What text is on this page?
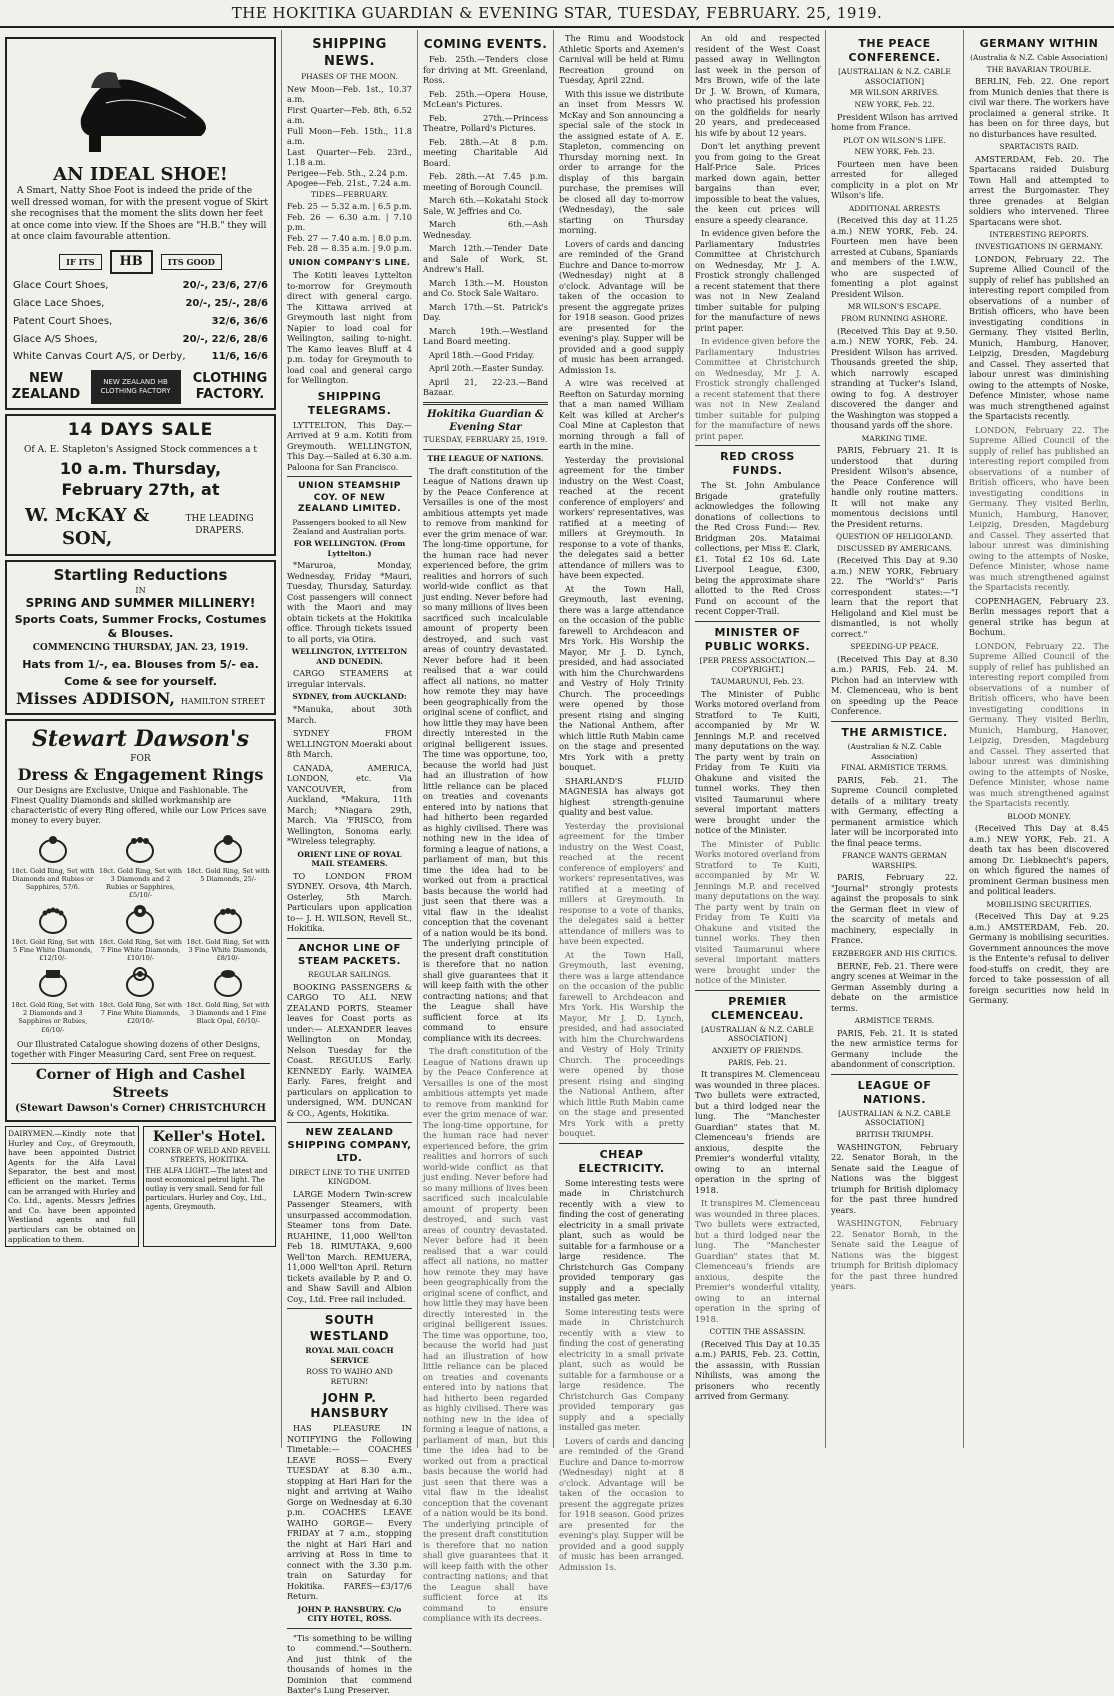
THE HOKITIKA GUARDIAN & EVENING STAR, TUESDAY, FEBRUARY. 25, 1919.
AN IDEAL SHOE!

A Smart, Natty Shoe Foot is indeed the pride of the well dressed woman, for with the present vogue of Skirt she recognises that the moment the slits down her feet at once come into view. If the Shoes are "H.B." they will at once claim favourable attention.

IF ITS	HB	ITS GOOD
Glace Court Shoes,	20/-, 23/6, 27/6
Glace Lace Shoes,	20/-, 25/-, 28/6
Patent Court Shoes,	32/6, 36/6
Glace A/S Shoes,	20/-, 22/6, 28/6
White Canvas Court A/S, or Derby,	11/6, 16/6
NEW ZEALAND
NEW ZEALAND HB CLOTHING FACTORY
CLOTHING FACTORY.
14 DAYS SALE
Of A. E. Stapleton's Assigned Stock commences a t
10 a.m. Thursday,
February 27th, at
W. McKAY & SON,
THE LEADING DRAPERS.
Startling Reductions
IN
SPRING AND SUMMER MILLINERY!
Sports Coats, Summer Frocks, Costumes & Blouses.
COMMENCING THURSDAY, JAN. 23, 1919.
Hats from 1/-, ea. Blouses from 5/- ea.
Come & see for yourself.
Misses ADDISON, HAMILTON STREET
Stewart Dawson's
FOR
Dress & Engagement Rings

Our Designs are Exclusive, Unique and Fashionable. The Finest Quality Diamonds and skilled workmanship are characteristic of every Ring offered, while our Low Prices save money to every buyer.

18ct. Gold Ring, Set with Diamonds and Rubies or Sapphires, 57/6.
18ct. Gold Ring, Set with 3 Diamonds and 2 Rubies or Sapphires, £5/10/-
18ct. Gold Ring, Set with 5 Diamonds, 25/-
18ct. Gold Ring, Set with 5 Fine White Diamonds, £12/10/-
18ct. Gold Ring, Set with 7 Fine White Diamonds, £10/10/-
18ct. Gold Ring, Set with 3 Fine White Diamonds, £8/10/-
18ct. Gold Ring, Set with 2 Diamonds and 3 Sapphires or Rubies, £6/10/-
18ct. Gold Ring, Set with 7 Fine White Diamonds, £20/10/-
18ct. Gold Ring, Set with 3 Diamonds and 1 Fine Black Opal, £6/10/-

Our Illustrated Catalogue showing dozens of other Designs, together with Finger Measuring Card, sent Free on request.

Corner of High and Cashel Streets
(Stewart Dawson's Corner) CHRISTCHURCH
DAIRYMEN.—Kindly note that Hurley and Coy., of Greymouth, have been appointed District Agents for the Alfa Laval Separator, the best and most efficient on the market. Terms can be arranged with Hurley and Co. Ltd., agents. Messrs Jeffries and Co. have been appointed Westland agents and full particulars can be obtained on application to them.
Keller's Hotel.
CORNER OF WELD AND REVELL STREETS, HOKITIKA.
THE ALFA LIGHT.—The latest and most economical petrol light. The outlay is very small. Send for full particulars. Hurley and Coy., Ltd., agents, Greymouth.
SHIPPING NEWS.
PHASES OF THE MOON.
New Moon—Feb. 1st., 10.37 a.m.
First Quarter—Feb. 8th, 6.52 a.m.
Full Moon—Feb. 15th., 11.8 a.m.
Last Quarter—Feb. 23rd., 1.18 a.m.
Perigee—Feb. 5th., 2.24 p.m.
Apogee—Feb. 21st., 7.24 a.m.
TIDES—FEBRUARY.
Feb. 25 — 5.32 a.m. | 6.5 p.m.
Feb. 26 — 6.30 a.m. | 7.10 p.m.
Feb. 27 — 7.40 a.m. | 8.0 p.m.
Feb. 28 — 8.35 a.m. | 9.0 p.m.
UNION COMPANY'S LINE.

The Kotiti leaves Lyttelton to-morrow for Greymouth direct with general cargo. The Kittawa arrived at Greymouth last night from Napier to load coal for Wellington, sailing to-night. The Kamo leaves Bluff at 4 p.m. today for Greymouth to load coal and general cargo for Wellington.

SHIPPING TELEGRAMS.

LYTTELTON, This Day.—Arrived at 9 a.m. Kotiti from Greymouth. WELLINGTON, This Day.—Sailed at 6.30 a.m. Paloona for San Francisco.

UNION STEAMSHIP COY. OF NEW ZEALAND LIMITED.
Passengers booked to all New Zealand and Australian ports.
FOR WELLINGTON. (From Lyttelton.)

*Maruroa, Monday, Wednesday, Friday *Mauri, Tuesday, Thursday, Saturday. Cost passengers will connect with the Maori and may obtain tickets at the Hokitika office. Through tickets issued to all ports, via Otira.

WELLINGTON, LYTTELTON AND DUNEDIN.

CARGO STEAMERS at irregular intervals.

SYDNEY, from AUCKLAND:

*Manuka, about 30th March.

SYDNEY FROM WELLINGTON Moeraki about 8th March.

CANADA, AMERICA, LONDON, etc. Via VANCOUVER, from Auckland, *Makura, 11th March; *Niagara 29th, March. Via 'FRISCO, from Wellington, Sonoma early. *Wireless telegraphy.

ORIENT LINE OF ROYAL MAIL STEAMERS.

TO LONDON FROM SYDNEY. Orsova, 4th March. Osterley, 5th March. Particulars upon application to— J. H. WILSON, Revell St., Hokitika.

ANCHOR LINE OF STEAM PACKETS.
REGULAR SAILINGS.

BOOKING PASSENGERS & CARGO TO ALL NEW ZEALAND PORTS. Steamer leaves for Coast ports as under:— ALEXANDER leaves Wellington on Monday, Nelson Tuesday for the Coast. REGULUS Early. KENNEDY Early. WAIMEA Early. Fares, freight and particulars on application to undersigned, WM. DUNCAN & CO., Agents, Hokitika.

NEW ZEALAND SHIPPING COMPANY, LTD.
DIRECT LINE TO THE UNITED KINGDOM.

LARGE Modern Twin-screw Passenger Steamers, with unsurpassed accommodation. Steamer tons from Date. RUAHINE, 11,000 Well'ton Feb 18. RIMUTAKA, 9,600 Well'ton March. REMUERA, 11,000 Well'ton April. Return tickets available by P. and O. and Shaw Savill and Albion Coy., Ltd. Free rail included.

SOUTH WESTLAND
ROYAL MAIL COACH SERVICE
ROSS TO WAIHO AND RETURN!
JOHN P. HANSBURY

HAS PLEASURE IN NOTIFYING the Following Timetable:— COACHES LEAVE ROSS— Every TUESDAY at 8.30 a.m., stopping at Hari Hari for the night and arriving at Waiho Gorge on Wednesday at 6.30 p.m. COACHES LEAVE WAIHO GORGE— Every FRIDAY at 7 a.m., stopping the night at Hari Hari and arriving at Ross in time to connect with the 3.30 p.m. train on Saturday for Hokitika. FARES—£3/17/6 Return.

JOHN P. HANSBURY. C/o CITY HOTEL, ROSS.

"Tis something to be willing to commend."—Southern. And just think of the thousands of homes in the Dominion that commend Baxter's Lung Preserver.

COMING EVENTS.

Feb. 25th.—Tenders close for driving at Mt. Greenland, Ross.

Feb. 25th.—Opera House, McLean's Pictures.

Feb. 27th.—Princess Theatre, Pollard's Pictures.

Feb. 28th.—At 8 p.m. meeting Charitable Aid Board.

Feb. 28th.—At 7.45 p.m. meeting of Borough Council.

March 6th.—Kokatahi Stock Sale, W. Jeffries and Co.

March 6th.—Ash Wednesday.

March 12th.—Tender Date and Sale of Work, St. Andrew's Hall.

March 13th.—M. Houston and Co. Stock Sale Waitaro.

March 17th.—St. Patrick's Day.

March 19th.—Westland Land Board meeting.

April 18th.—Good Friday.

April 20th.—Easter Sunday.

April 21, 22-23.—Band Bazaar.

Hokitika Guardian & Evening Star
TUESDAY, FEBRUARY 25, 1919.
THE LEAGUE OF NATIONS.

The draft constitution of the League of Nations drawn up by the Peace Conference at Versailles is one of the most ambitious attempts yet made to remove from mankind for ever the grim menace of war. The long-time opportune, for the human race had never experienced before, the grim realities and horrors of such world-wide conflict as that just ending. Never before had so many millions of lives been sacrificed such incalculable amount of property been destroyed, and such vast areas of country devastated. Never before had it been realised that a war could affect all nations, no matter how remote they may have been geographically from the original scene of conflict, and how little they may have been directly interested in the original belligerent issues. The time was opportune, too, because the world had just had an illustration of how little reliance can be placed on treaties and covenants entered into by nations that had hitherto been regarded as highly civilised. There was nothing new in the idea of forming a league of nations, a parliament of man, but this time the idea had to be worked out from a practical basis because the world had just seen that there was a vital flaw in the idealist conception that the covenant of a nation would be its bond. The underlying principle of the present draft constitution is therefore that no nation shall give guarantees that it will keep faith with the other contracting nations; and that the League shall have sufficient force at its command to ensure compliance with its decrees.

The draft constitution of the League of Nations drawn up by the Peace Conference at Versailles is one of the most ambitious attempts yet made to remove from mankind for ever the grim menace of war. The long-time opportune, for the human race had never experienced before, the grim realities and horrors of such world-wide conflict as that just ending. Never before had so many millions of lives been sacrificed such incalculable amount of property been destroyed, and such vast areas of country devastated. Never before had it been realised that a war could affect all nations, no matter how remote they may have been geographically from the original scene of conflict, and how little they may have been directly interested in the original belligerent issues. The time was opportune, too, because the world had just had an illustration of how little reliance can be placed on treaties and covenants entered into by nations that had hitherto been regarded as highly civilised. There was nothing new in the idea of forming a league of nations, a parliament of man, but this time the idea had to be worked out from a practical basis because the world had just seen that there was a vital flaw in the idealist conception that the covenant of a nation would be its bond. The underlying principle of the present draft constitution is therefore that no nation shall give guarantees that it will keep faith with the other contracting nations; and that the League shall have sufficient force at its command to ensure compliance with its decrees.

The Rimu and Woodstock Athletic Sports and Axemen's Carnival will be held at Rimu Recreation ground on Tuesday, April 22nd.

With this issue we distribute an inset from Messrs W. McKay and Son announcing a special sale of the stock in the assigned estate of A. E. Stapleton, commencing on Thursday morning next. In order to arrange for the display of this bargain purchase, the premises will be closed all day to-morrow (Wednesday), the sale starting on Thursday morning.

Lovers of cards and dancing are reminded of the Grand Euchre and Dance to-morrow (Wednesday) night at 8 o'clock. Advantage will be taken of the occasion to present the aggregate prizes for 1918 season. Good prizes are presented for the evening's play. Supper will be provided and a good supply of music has been arranged. Admission 1s.

A wire was received at Reefton on Saturday morning that a man named William Kelt was killed at Archer's Coal Mine at Capleston that morning through a fall of earth in the mine.

Yesterday the provisional agreement for the timber industry on the West Coast, reached at the recent conference of employers' and workers' representatives, was ratified at a meeting of millers at Greymouth. In response to a vote of thanks, the delegates said a better attendance of millers was to have been expected.

At the Town Hall, Greymouth, last evening, there was a large attendance on the occasion of the public farewell to Archdeacon and Mrs York. His Worship the Mayor, Mr J. D. Lynch, presided, and had associated with him the Churchwardens and Vestry of Holy Trinity Church. The proceedings were opened by those present rising and singing the National Anthem, after which little Ruth Mabin came on the stage and presented Mrs York with a pretty bouquet.

SHARLAND'S FLUID MAGNESIA has always got highest strength-genuine quality and best value.

Yesterday the provisional agreement for the timber industry on the West Coast, reached at the recent conference of employers' and workers' representatives, was ratified at a meeting of millers at Greymouth. In response to a vote of thanks, the delegates said a better attendance of millers was to have been expected.

At the Town Hall, Greymouth, last evening, there was a large attendance on the occasion of the public farewell to Archdeacon and Mrs York. His Worship the Mayor, Mr J. D. Lynch, presided, and had associated with him the Churchwardens and Vestry of Holy Trinity Church. The proceedings were opened by those present rising and singing the National Anthem, after which little Ruth Mabin came on the stage and presented Mrs York with a pretty bouquet.

CHEAP ELECTRICITY.

Some interesting tests were made in Christchurch recently with a view to finding the cost of generating electricity in a small private plant, such as would be suitable for a farmhouse or a large residence. The Christchurch Gas Company provided temporary gas supply and a specially installed gas meter.

Some interesting tests were made in Christchurch recently with a view to finding the cost of generating electricity in a small private plant, such as would be suitable for a farmhouse or a large residence. The Christchurch Gas Company provided temporary gas supply and a specially installed gas meter.

Lovers of cards and dancing are reminded of the Grand Euchre and Dance to-morrow (Wednesday) night at 8 o'clock. Advantage will be taken of the occasion to present the aggregate prizes for 1918 season. Good prizes are presented for the evening's play. Supper will be provided and a good supply of music has been arranged. Admission 1s.

An old and respected resident of the West Coast passed away in Wellington last week in the person of Mrs Brown, wife of the late Dr J. W. Brown, of Kumara, who practised his profession on the goldfields for nearly 20 years, and predeceased his wife by about 12 years.

Don't let anything prevent you from going to the Great Half-Price Sale. Prices marked down again, better bargains than ever, impossible to beat the values, the keen cut prices will ensure a speedy clearance.

In evidence given before the Parliamentary Industries Committee at Christchurch on Wednesday, Mr J. A. Frostick strongly challenged a recent statement that there was not in New Zealand timber suitable for pulping for the manufacture of news print paper.

In evidence given before the Parliamentary Industries Committee at Christchurch on Wednesday, Mr J. A. Frostick strongly challenged a recent statement that there was not in New Zealand timber suitable for pulping for the manufacture of news print paper.

RED CROSS FUNDS.

The St. John Ambulance Brigade gratefully acknowledges the following donations of collections to the Red Cross Fund:— Rev. Bridgman 20s. Mataimai collections, per Miss E. Clark, £1. Total £2 10s 6d. Late Liverpool League, £300, being the approximate share allotted to the Red Cross Fund on account of the recent Copper-Trail.

MINISTER OF PUBLIC WORKS.
[PER PRESS ASSOCIATION.—COPYRIGHT.]
TAUMARUNUI, Feb. 23.

The Minister of Public Works motored overland from Stratford to Te Kuiti, accompanied by Mr W. Jennings M.P. and received many deputations on the way. The party went by train on Friday from Te Kuiti via Ohakune and visited the tunnel works. They then visited Taumarunui where several important matters were brought under the notice of the Minister.

The Minister of Public Works motored overland from Stratford to Te Kuiti, accompanied by Mr W. Jennings M.P. and received many deputations on the way. The party went by train on Friday from Te Kuiti via Ohakune and visited the tunnel works. They then visited Taumarunui where several important matters were brought under the notice of the Minister.

PREMIER CLEMENCEAU.
[AUSTRALIAN & N.Z. CABLE ASSOCIATION]
ANXIETY OF FRIENDS.
PARIS, Feb. 21.

It transpires M. Clemenceau was wounded in three places. Two bullets were extracted, but a third lodged near the lung. The "Manchester Guardian" states that M. Clemenceau's friends are anxious, despite the Premier's wonderful vitality, owing to an internal operation in the spring of 1918.

It transpires M. Clemenceau was wounded in three places. Two bullets were extracted, but a third lodged near the lung. The "Manchester Guardian" states that M. Clemenceau's friends are anxious, despite the Premier's wonderful vitality, owing to an internal operation in the spring of 1918.

COTTIN THE ASSASSIN.

(Received This Day at 10.35 a.m.) PARIS, Feb. 23. Cottin, the assassin, with Russian Nihilists, was among the prisoners who recently arrived from Germany.

THE PEACE CONFERENCE.
[AUSTRALIAN & N.Z. CABLE ASSOCIATION]
MR WILSON ARRIVES.
NEW YORK, Feb. 22.

President Wilson has arrived home from France.

PLOT ON WILSON'S LIFE.
NEW YORK, Feb. 23.

Fourteen men have been arrested for alleged complicity in a plot on Mr Wilson's life.

ADDITIONAL ARRESTS

(Received this day at 11.25 a.m.) NEW YORK, Feb. 24. Fourteen men have been arrested at Cubans, Spaniards and members of the I.W.W., who are suspected of fomenting a plot against President Wilson.

MR WILSON'S ESCAPE.
FROM RUNNING ASHORE.

(Received This Day at 9.50. a.m.) NEW YORK, Feb. 24. President Wilson has arrived. Thousands greeted the ship, which narrowly escaped stranding at Tucker's Island, owing to fog. A destroyer discovered the danger and the Washington was stopped a thousand yards off the shore.

MARKING TIME.

PARIS, February 21. It is understood that during President Wilson's absence, the Peace Conference will handle only routine matters. It will not make any momentous decisions until the President returns.

QUESTION OF HELIGOLAND.
DISCUSSED BY AMERICANS.

(Received This Day at 9.30 a.m.) NEW YORK, February 22. The "World's" Paris correspondent states:—"I learn that the report that Heligoland and Kiel must be dismantled, is not wholly correct."

SPEEDING-UP PEACE.

(Received This Day at 8.30 a.m.) PARIS, Feb. 24. M. Pichon had an interview with M. Clemenceau, who is bent on speeding up the Peace Conference.

THE ARMISTICE.
(Australian & N.Z. Cable Association)
FINAL ARMISTICE TERMS.

PARIS, Feb. 21. The Supreme Council completed details of a military treaty with Germany, effecting a permanent armistice which later will be incorporated into the final peace terms.

FRANCE WANTS GERMAN WARSHIPS.

PARIS, February 22. "Journal" strongly protests against the proposals to sink the German fleet in view of the scarcity of metals and machinery, especially in France.

ERZBERGER AND HIS CRITICS.

BERNE, Feb. 21. There were angry scenes at Weimar in the German Assembly during a debate on the armistice terms.

ARMISTICE TERMS.

PARIS, Feb. 21. It is stated the new armistice terms for Germany include the abandonment of conscription.

LEAGUE OF NATIONS.
[AUSTRALIAN & N.Z. CABLE ASSOCIATION]
BRITISH TRIUMPH.

WASHINGTON, February 22. Senator Borah, in the Senate said the League of Nations was the biggest triumph for British diplomacy for the past three hundred years.

WASHINGTON, February 22. Senator Borah, in the Senate said the League of Nations was the biggest triumph for British diplomacy for the past three hundred years.

GERMANY WITHIN
(Australia & N.Z. Cable Association)
THE BAVARIAN TROUBLE.

BERLIN, Feb. 22. One report from Munich denies that there is civil war there. The workers have proclaimed a general strike. It has been on for three days, but no disturbances have resulted.

SPARTACISTS RAID.

AMSTERDAM, Feb. 20. The Spartacans raided Duisburg Town Hall and attempted to arrest the Burgomaster. They three grenades at Belgian soldiers who intervened. Three Spartacans were shot.

INTERESTING REPORTS.
INVESTIGATIONS IN GERMANY.

LONDON, February 22. The Supreme Allied Council of the supply of relief has published an interesting report compiled from observations of a number of British officers, who have been investigating conditions in Germany. They visited Berlin, Munich, Hamburg, Hanover, Leipzig, Dresden, Magdeburg and Cassel. They asserted that labour unrest was diminishing owing to the attempts of Noske, Defence Minister, whose name was much strengthened against the Spartacists recently.

LONDON, February 22. The Supreme Allied Council of the supply of relief has published an interesting report compiled from observations of a number of British officers, who have been investigating conditions in Germany. They visited Berlin, Munich, Hamburg, Hanover, Leipzig, Dresden, Magdeburg and Cassel. They asserted that labour unrest was diminishing owing to the attempts of Noske, Defence Minister, whose name was much strengthened against the Spartacists recently.

COPENHAGEN, February 23. Berlin messages report that a general strike has begun at Bochum.

LONDON, February 22. The Supreme Allied Council of the supply of relief has published an interesting report compiled from observations of a number of British officers, who have been investigating conditions in Germany. They visited Berlin, Munich, Hamburg, Hanover, Leipzig, Dresden, Magdeburg and Cassel. They asserted that labour unrest was diminishing owing to the attempts of Noske, Defence Minister, whose name was much strengthened against the Spartacists recently.

BLOOD MONEY.

(Received This Day at 8.45 a.m.) NEW YORK, Feb. 21. A death tax has been discovered among Dr. Liebknecht's papers, on which figured the names of prominent German business men and political leaders.

MOBILISING SECURITIES.

(Received This Day at 9.25 a.m.) AMSTERDAM, Feb. 20. Germany is mobilising securities. Government announces the move is the Entente's refusal to deliver food-stuffs on credit, they are forced to take possession of all foreign securities now held in Germany.
